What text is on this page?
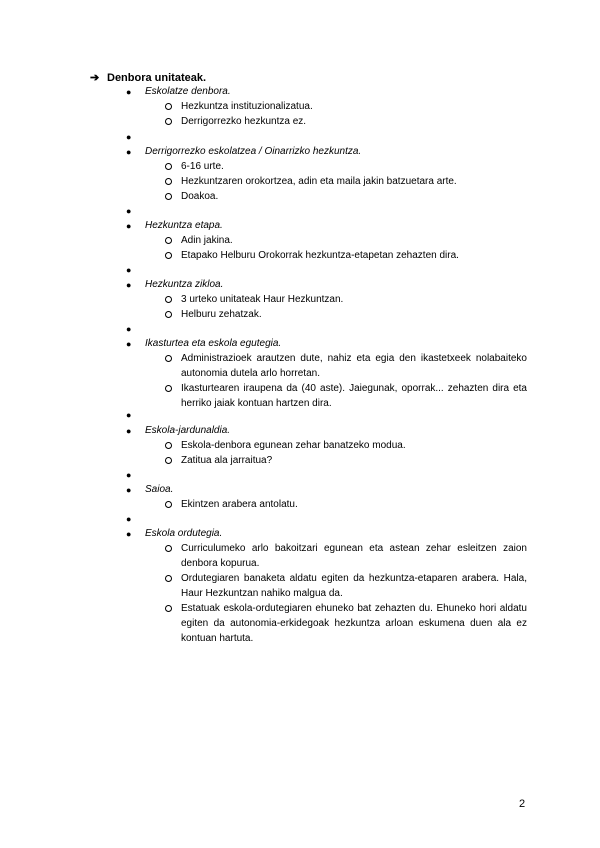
➔ Denbora unitateak.
● Eskolatze denbora.
Hezkuntza instituzionalizatua.
Derrigorrezko hezkuntza ez.
●
● Derrigorrezko eskolatzea / Oinarrizko hezkuntza.
6-16 urte.
Hezkuntzaren orokortzea, adin eta maila jakin batzuetara arte.
Doakoa.
●
● Hezkuntza etapa.
Adin jakina.
Etapako Helburu Orokorrak hezkuntza-etapetan zehazten dira.
●
● Hezkuntza zikloa.
3 urteko unitateak Haur Hezkuntzan.
Helburu zehatzak.
●
● Ikasturtea eta eskola egutegia.
Administrazioek arautzen dute, nahiz eta egia den ikastetxeek nolabaiteko autonomia dutela arlo horretan.
Ikasturtearen iraupena da (40 aste). Jaiegunak, oporrak... zehazten dira eta herriko jaiak kontuan hartzen dira.
●
● Eskola-jardunaldia.
Eskola-denbora egunean zehar banatzeko modua.
Zatitua ala jarraitua?
●
● Saioa.
Ekintzen arabera antolatu.
●
● Eskola ordutegia.
Curriculumeko arlo bakoitzari egunean eta astean zehar esleitzen zaion denbora kopurua.
Ordutegiaren banaketa aldatu egiten da hezkuntza-etaparen arabera. Hala, Haur Hezkuntzan nahiko malgua da.
Estatuak eskola-ordutegiaren ehuneko bat zehazten du. Ehuneko hori aldatu egiten da autonomia-erkidegoak hezkuntza arloan eskumena duen ala ez kontuan hartuta.
2
